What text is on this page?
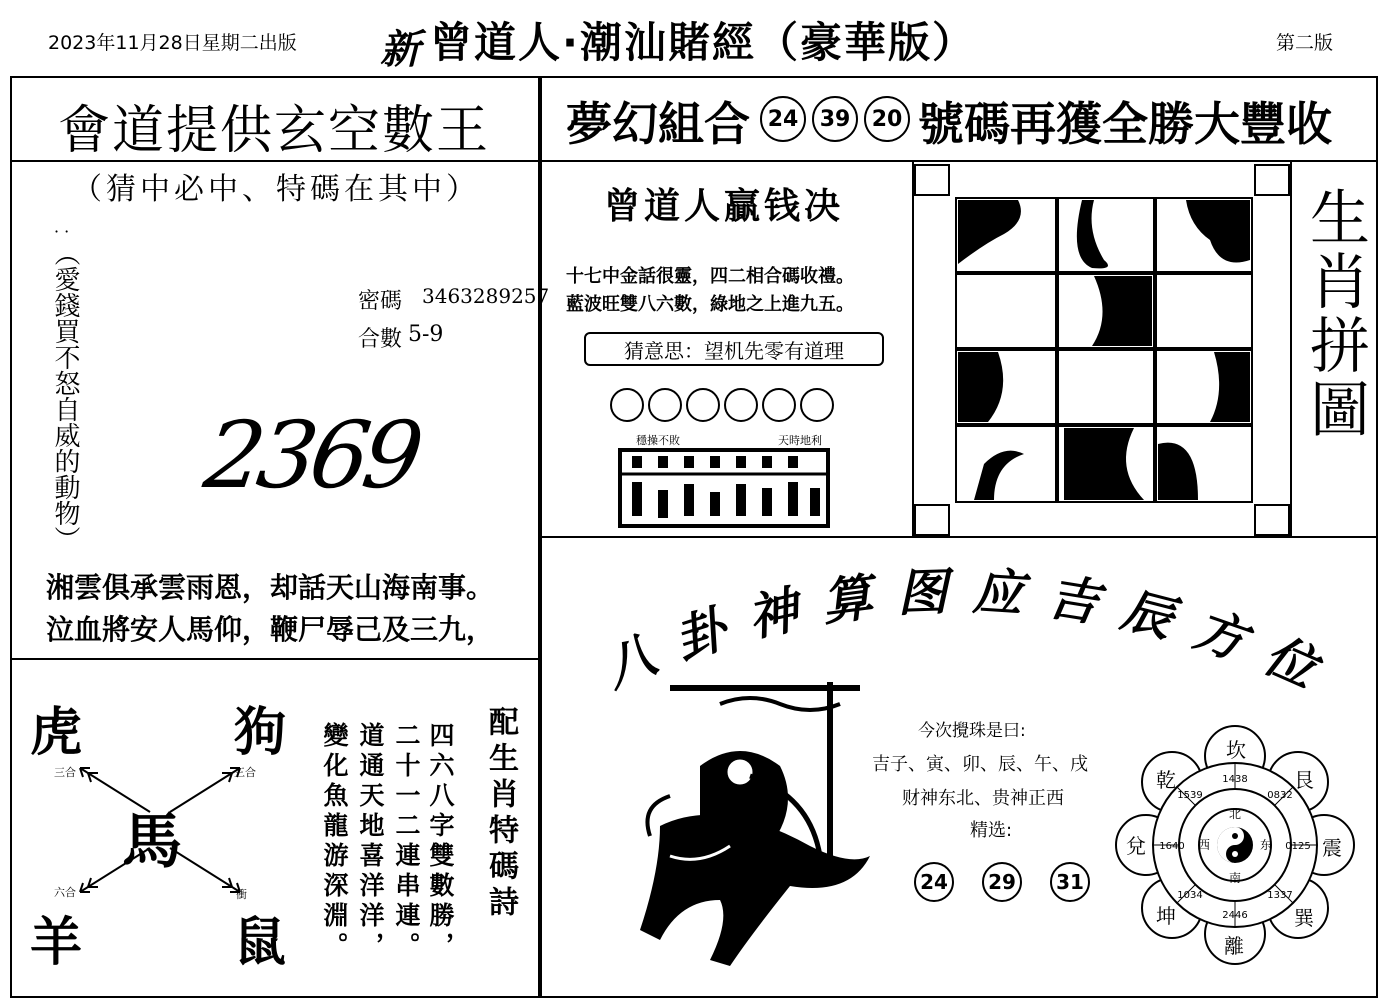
2023年11月28日星期二出版 新 曾道人·潮汕賭經（豪華版）	第二版
會道提供玄空數王
（猜中必中、特碼在其中）
· ·
（愛錢買不怒自威的動物）	密碼 3463289257
合數 5-9
2369
湘雲俱承雲雨恩，却話天山海南事。
泣血將安人馬仰，鞭尸辱己及三九，
虎	狗
馬
羊	鼠
三合	三合
六合	衝	配生肖特碼詩
四六八字雙數勝，
二十一二連串連。
道通天地喜洋洋，
變化魚龍游深淵。
夢幻組合 24 39 20 號碼再獲全勝大豐收
曾道人贏钱决
十七中金話很靈，四二相合碼收禮。
藍波旺雙八六數，綠地之上進九五。
猜意思：望机先零有道理
穩操不敗	天時地利	生肖拼圖
八卦神算图应吉辰方位
今次攪珠是曰:
吉子、寅、卯、辰、午、戌
财神东北、贵神正西
精选:
24	29	31
1438
0832
0125
1337
2446
1034
1640
1539
北
南
东
西
坎
艮
震
巽
離
坤
兌
乾
